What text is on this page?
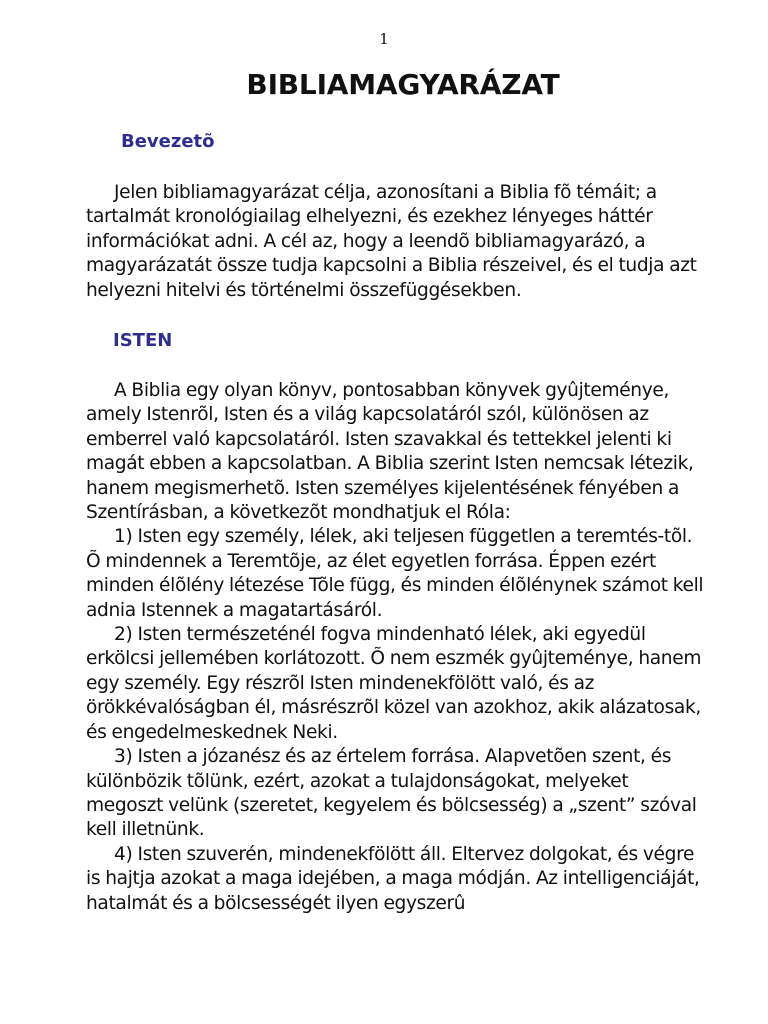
1
BIBLIAMAGYARÁZAT
Bevezetõ

Jelen bibliamagyarázat célja, azonosítani a Biblia fõ témáit; a tartalmát kronológiailag elhelyezni, és ezekhez lényeges háttér információkat adni. A cél az, hogy a leendõ bibliamagyarázó, a magyarázatát össze tudja kapcsolni a Biblia részeivel, és el tudja azt helyezni hitelvi és történelmi összefüggésekben.

ISTEN

A Biblia egy olyan könyv, pontosabban könyvek gyûjteménye, amely Istenrõl, Isten és a világ kapcsolatáról szól, különösen az emberrel való kapcsolatáról. Isten szavakkal és tettekkel jelenti ki magát ebben a kapcsolatban. A Biblia szerint Isten nemcsak létezik, hanem megismerhetõ. Isten személyes kijelentésének fényében a Szentírásban, a következõt mondhatjuk el Róla:

1) Isten egy személy, lélek, aki teljesen független a teremtés-tõl. Õ mindennek a Teremtõje, az élet egyetlen forrása. Éppen ezért minden élõlény létezése Tõle függ, és minden élõlénynek számot kell adnia Istennek a magatartásáról.

2) Isten természeténél fogva mindenható lélek, aki egyedül erkölcsi jellemében korlátozott. Õ nem eszmék gyûjteménye, hanem egy személy. Egy részrõl Isten mindenekfölött való, és az örökkévalóságban él, másrészrõl közel van azokhoz, akik alázatosak, és engedelmeskednek Neki.

3) Isten a józanész és az értelem forrása. Alapvetõen szent, és különbözik tõlünk, ezért, azokat a tulajdonságokat, melyeket megoszt velünk (szeretet, kegyelem és bölcsesség) a „szent” szóval kell illetnünk.

4) Isten szuverén, mindenekfölött áll. Eltervez dolgokat, és végre is hajtja azokat a maga idejében, a maga módján. Az intelligenciáját, hatalmát és a bölcsességét ilyen egyszerû
